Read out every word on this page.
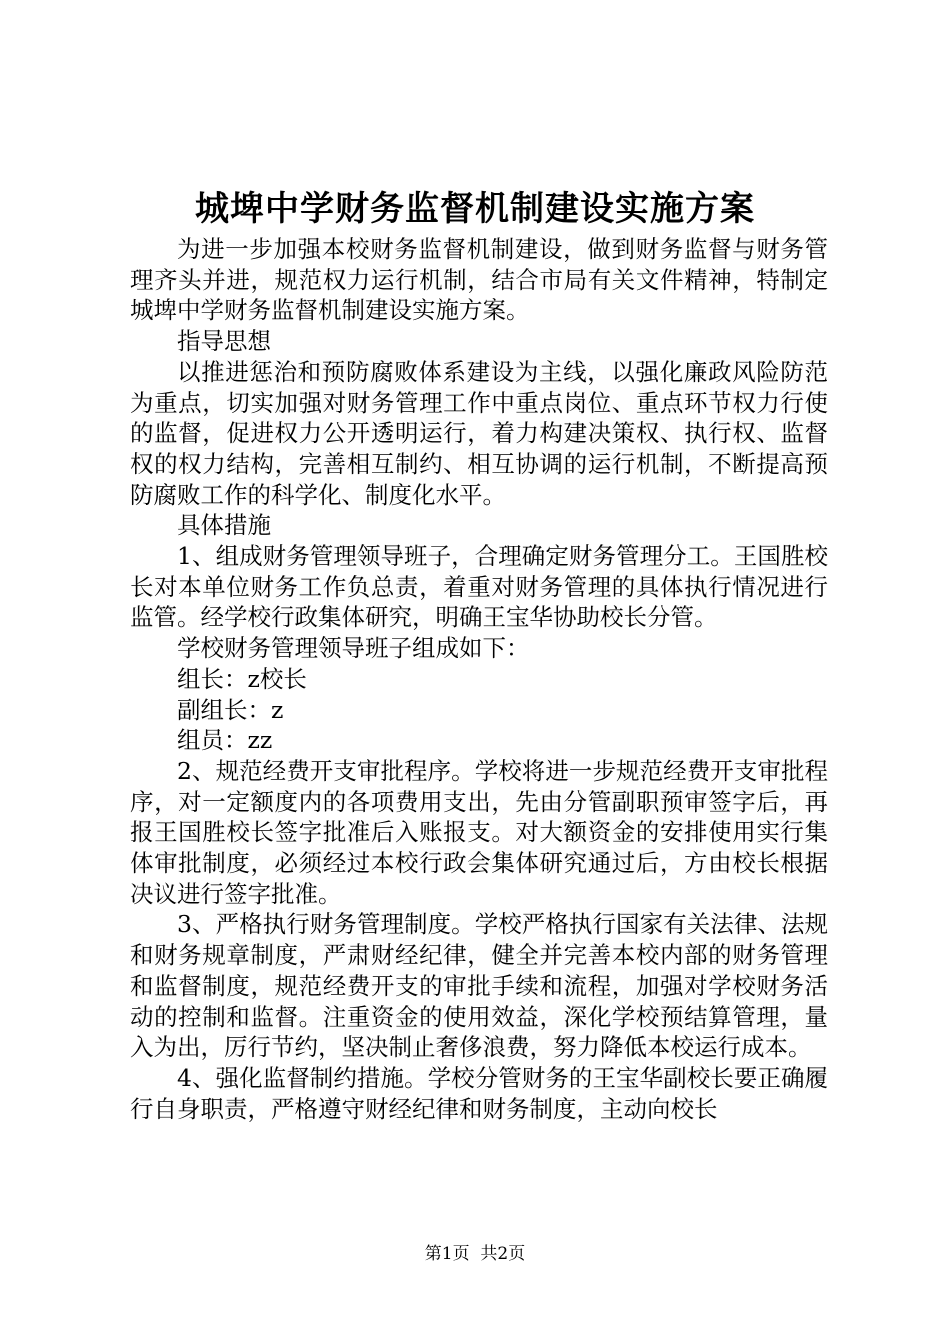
城埤中学财务监督机制建设实施方案

为进一步加强本校财务监督机制建设，做到财务监督与财务管理齐头并进，规范权力运行机制，结合市局有关文件精神，特制定城埤中学财务监督机制建设实施方案。

指导思想

以推进惩治和预防腐败体系建设为主线，以强化廉政风险防范为重点，切实加强对财务管理工作中重点岗位、重点环节权力行使的监督，促进权力公开透明运行，着力构建决策权、执行权、监督权的权力结构，完善相互制约、相互协调的运行机制，不断提高预防腐败工作的科学化、制度化水平。

具体措施

1、组成财务管理领导班子，合理确定财务管理分工。王国胜校长对本单位财务工作负总责，着重对财务管理的具体执行情况进行监管。经学校行政集体研究，明确王宝华协助校长分管。

学校财务管理领导班子组成如下：

组长：z校长

副组长：z

组员：zz

2、规范经费开支审批程序。学校将进一步规范经费开支审批程序，对一定额度内的各项费用支出，先由分管副职预审签字后，再报王国胜校长签字批准后入账报支。对大额资金的安排使用实行集体审批制度，必须经过本校行政会集体研究通过后，方由校长根据决议进行签字批准。

3、严格执行财务管理制度。学校严格执行国家有关法律、法规和财务规章制度，严肃财经纪律，健全并完善本校内部的财务管理和监督制度，规范经费开支的审批手续和流程，加强对学校财务活动的控制和监督。注重资金的使用效益，深化学校预结算管理，量入为出，厉行节约，坚决制止奢侈浪费，努力降低本校运行成本。

4、强化监督制约措施。学校分管财务的王宝华副校长要正确履行自身职责，严格遵守财经纪律和财务制度，主动向校长

第1页 共2页
